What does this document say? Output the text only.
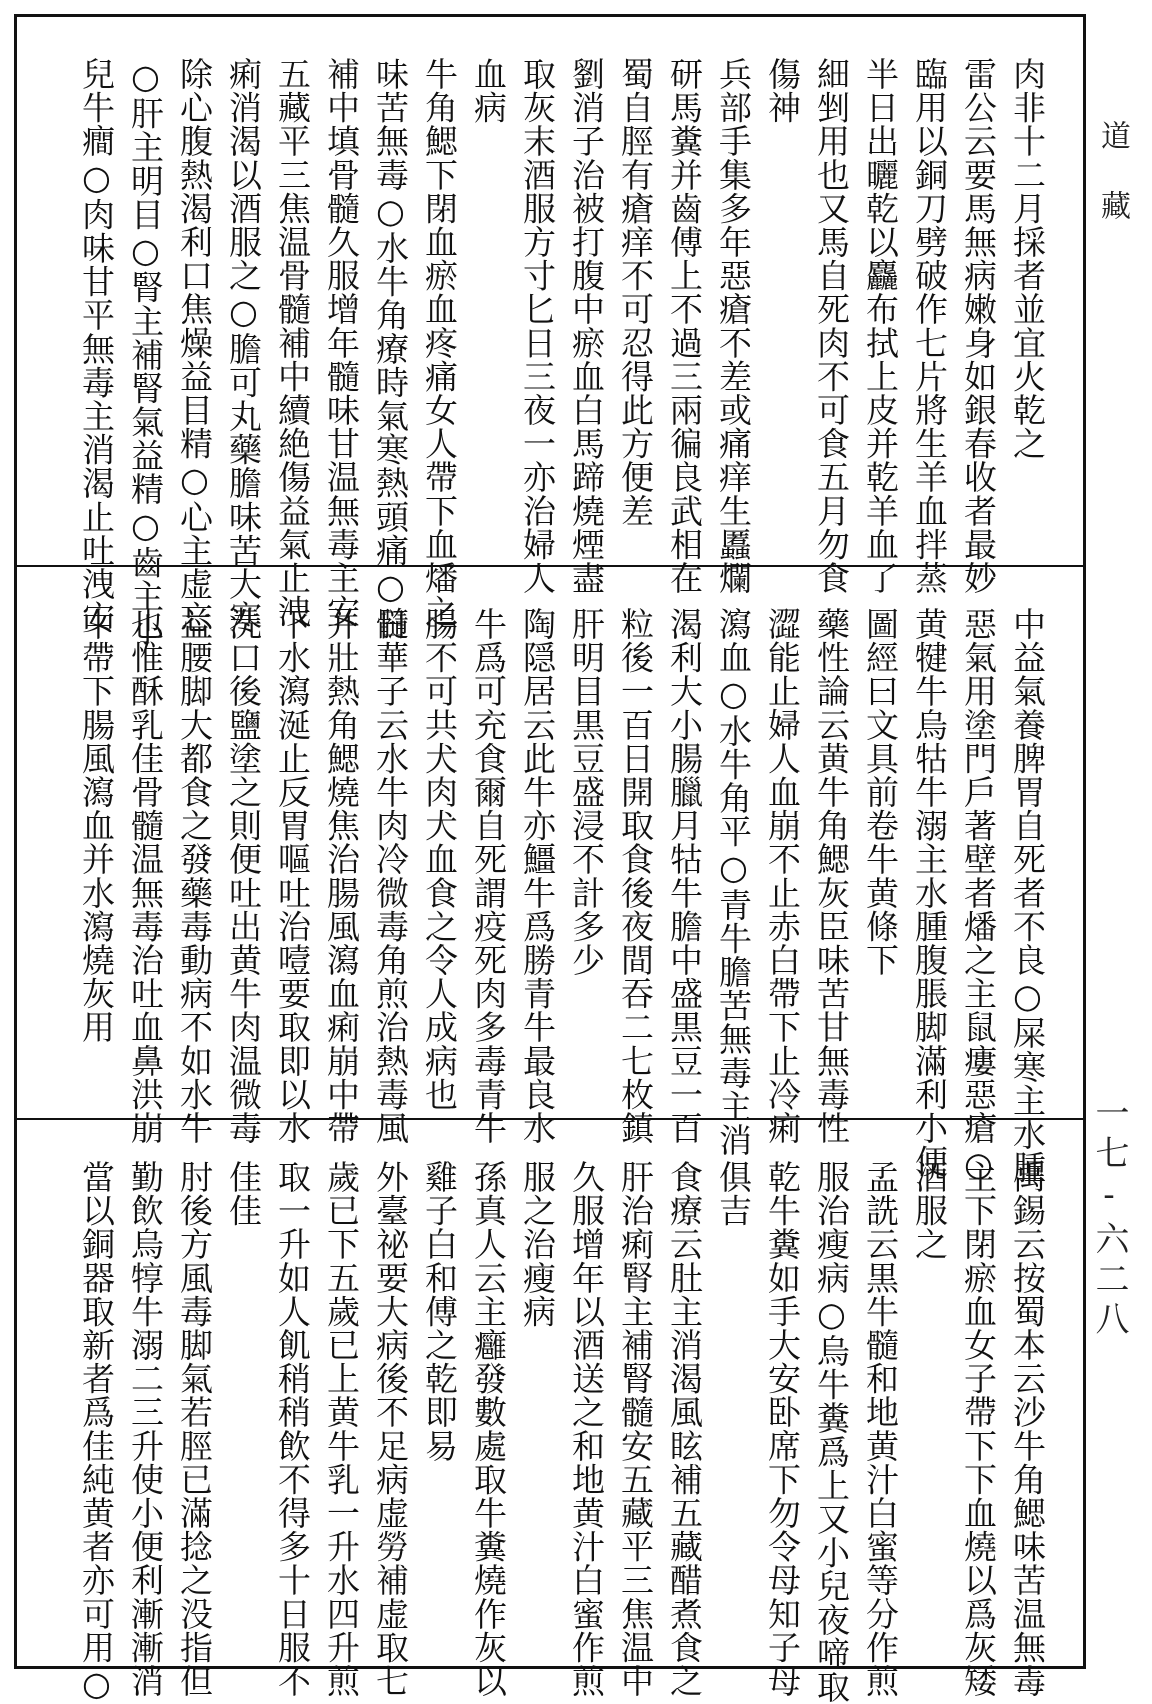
肉非十二月採者並宜火乾之
雷公云要馬無病嫩身如銀春收者最妙
臨用以銅刀劈破作七片將生羊血拌蒸
半日出曬乾以麤布拭上皮并乾羊血了
細剉用也又馬自死肉不可食五月勿食
傷神
兵部手集多年惡瘡不差或痛痒生䘌爛
研馬糞并齒傅上不過三兩徧良武相在
蜀自脛有瘡痒不可忍得此方便差
劉消子治被打腹中瘀血白馬蹄燒煙盡
取灰末酒服方寸匕日三夜一亦治婦人
血病
牛角鰓下閉血瘀血疼痛女人帶下血燔之
味苦無毒○水牛角療時氣寒熱頭痛○髓
補中填骨髓久服增年髓味甘温無毒主安
五藏平三焦温骨髓補中續絶傷益氣止洩
痢消渴以酒服之○膽可丸藥膽味苦大寒
除心腹熱渴利口焦燥益目精○心主虚忘
○肝主明目○腎主補腎氣益精○齒主小
兒牛癎○肉味甘平無毒主消渴止吐洩安
中益氣養脾胃自死者不良○屎寒主水腫
惡氣用塗門戶著壁者燔之主鼠瘻惡瘡○
黄犍牛烏牯牛溺主水腫腹脹脚滿利小便
圖經曰文具前卷牛黄條下
藥性論云黄牛角鰓灰臣味苦甘無毒性
澀能止婦人血崩不止赤白帶下止冷痢
瀉血○水牛角平○青牛膽苦無毒主消
渴利大小腸臘月牯牛膽中盛黒豆一百
粒後一百日開取食後夜間吞二七枚鎮
肝明目黒豆盛浸不計多少
陶隠居云此牛亦䲔牛爲勝青牛最良水
牛爲可充食爾自死謂疫死肉多毒青牛
腸不可共犬肉犬血食之令人成病也
日華子云水牛肉冷微毒角煎治熱毒風
并壯熱角鰓燒焦治腸風瀉血痢崩中帶
下水瀉涎止反胃嘔吐治噎要取即以水
洗口後鹽塗之則便吐出黄牛肉温微毒
益腰脚大都食之發藥毒動病不如水牛
也惟酥乳佳骨髓温無毒治吐血鼻洪崩
中帶下腸風瀉血并水瀉燒灰用
禹錫云按蜀本云沙牛角鰓味苦温無毒
主下閉瘀血女子帶下下血燒以爲灰矮
酒服之
孟詵云黒牛髓和地黄汁白蜜等分作煎
服治瘦病○烏牛糞爲上又小兒夜啼取
乾牛糞如手大安卧席下勿令母知子母
俱吉
食療云肚主消渴風眩補五藏醋煮食之
肝治痢腎主補腎髓安五藏平三焦温中
久服增年以酒送之和地黄汁白蜜作煎
服之治瘦病
孫真人云主癰發數處取牛糞燒作灰以
雞子白和傅之乾即易
外臺祕要大病後不足病虚勞補虚取七
歲已下五歲已上黄牛乳一升水四升煎
取一升如人飢稍稍飲不得多十日服不
佳佳
肘後方風毒脚氣若脛已滿捻之没指但
勤飲烏犉牛溺二三升使小便利漸漸消
當以銅器取新者爲佳純黄者亦可用○
道藏
一七-六二八
